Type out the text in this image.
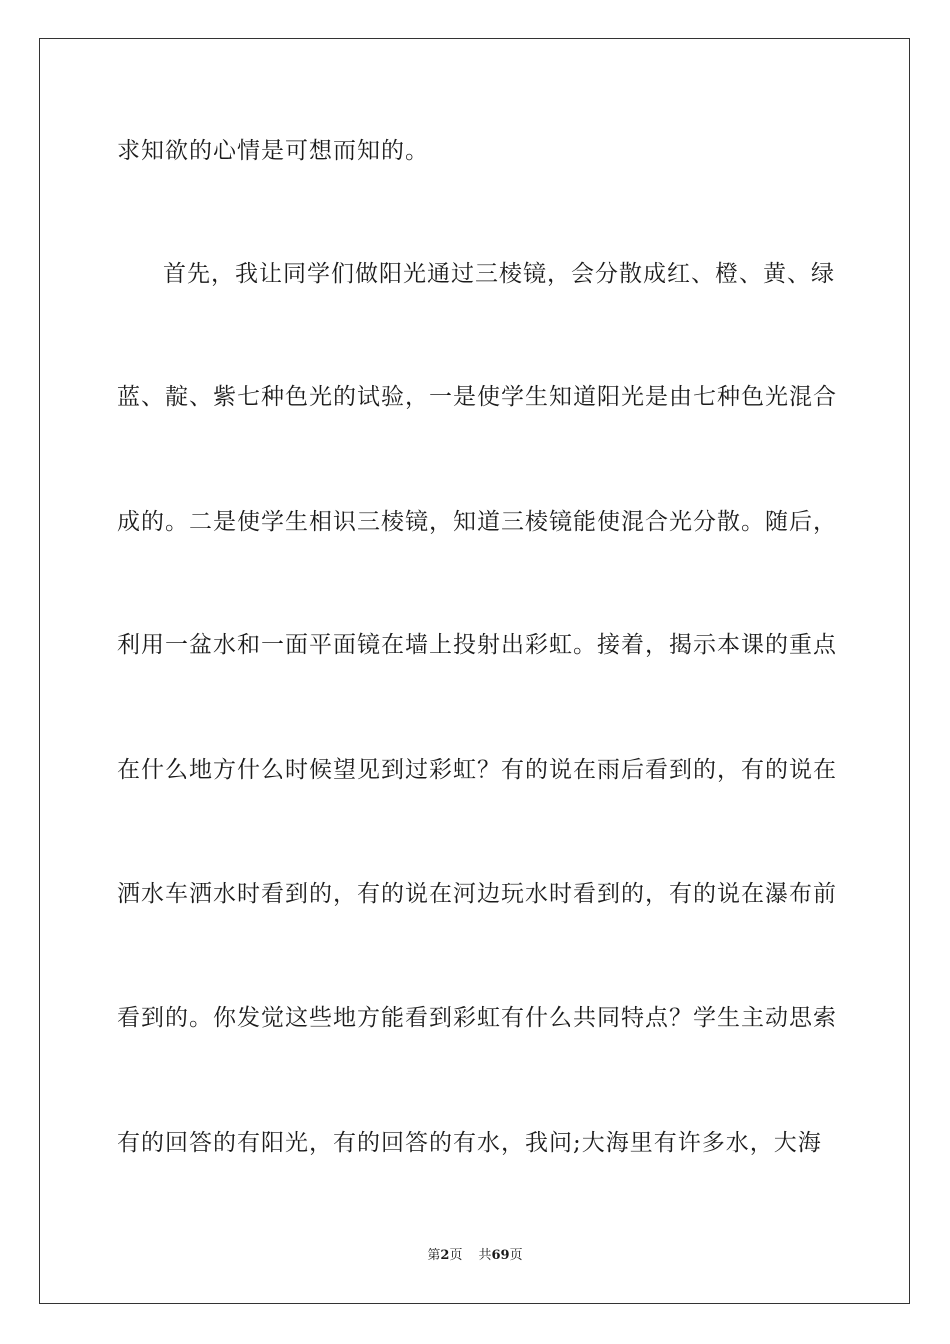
求知欲的心情是可想而知的。
首先，我让同学们做阳光通过三棱镜，会分散成红、橙、黄、绿
蓝、靛、紫七种色光的试验，一是使学生知道阳光是由七种色光混合
成的。二是使学生相识三棱镜，知道三棱镜能使混合光分散。随后，
利用一盆水和一面平面镜在墙上投射出彩虹。接着，揭示本课的重点
在什么地方什么时候望见到过彩虹？有的说在雨后看到的，有的说在
洒水车洒水时看到的，有的说在河边玩水时看到的，有的说在瀑布前
看到的。你发觉这些地方能看到彩虹有什么共同特点？学生主动思索
有的回答的有阳光，有的回答的有水，我问;大海里有许多水，大海
第2页 共69页
